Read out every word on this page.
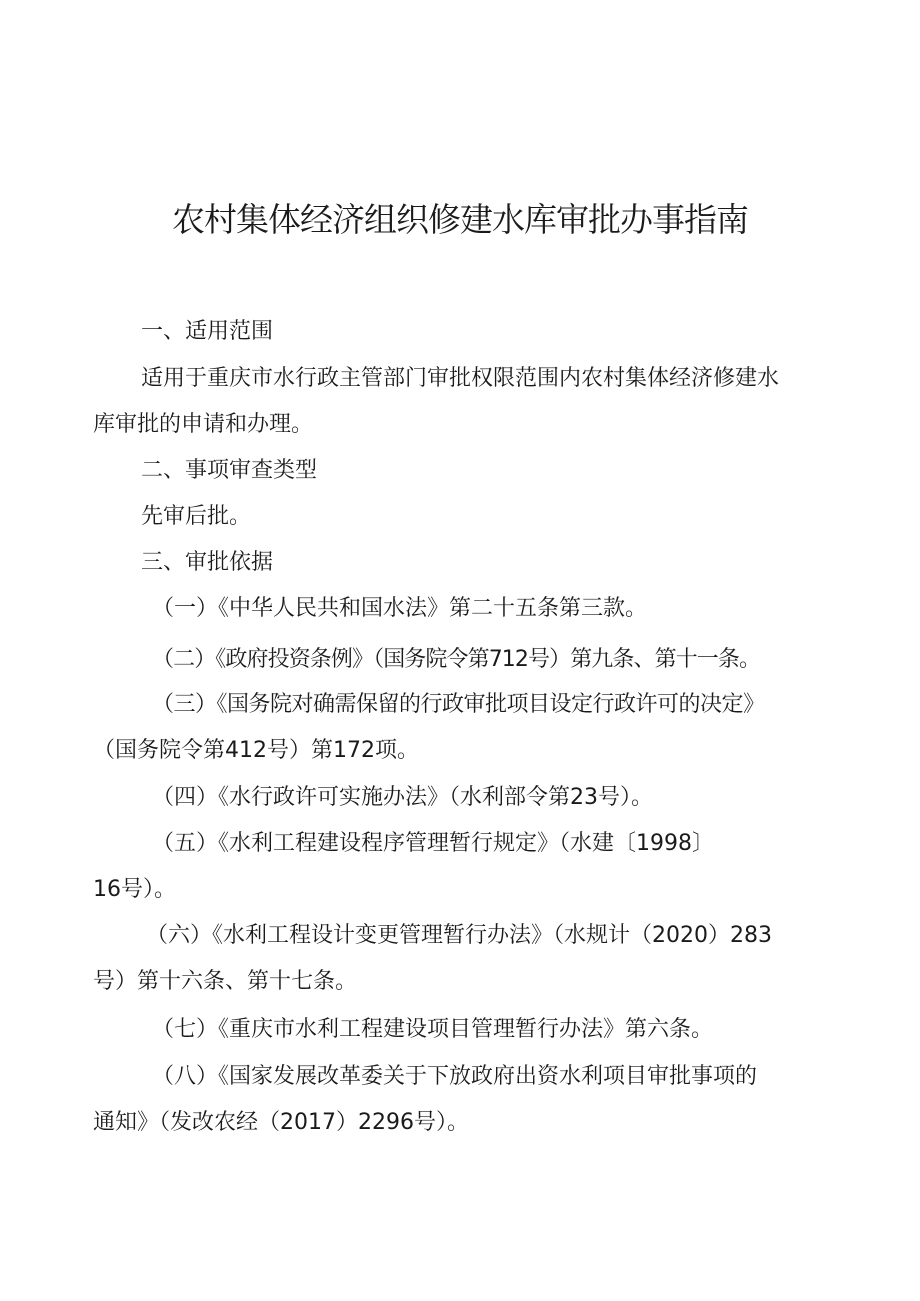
农村集体经济组织修建水库审批办事指南

一、适用范围

适用于重庆市水行政主管部门审批权限范围内农村集体经济修建水

库审批的申请和办理。

二、事项审查类型

先审后批。

三、审批依据

（一）《中华人民共和国水法》第二十五条第三款。

（二）《政府投资条例》（国务院令第712号）第九条、第十一条。

（三）《国务院对确需保留的行政审批项目设定行政许可的决定》

（国务院令第412号）第172项。

（四）《水行政许可实施办法》（水利部令第23号）。

（五）《水利工程建设程序管理暂行规定》（水建〔1998〕

16号）。

（六）《水利工程设计变更管理暂行办法》（水规计（2020）283

号）第十六条、第十七条。

（七）《重庆市水利工程建设项目管理暂行办法》第六条。

（八）《国家发展改革委关于下放政府出资水利项目审批事项的

通知》（发改农经（2017）2296号）。
